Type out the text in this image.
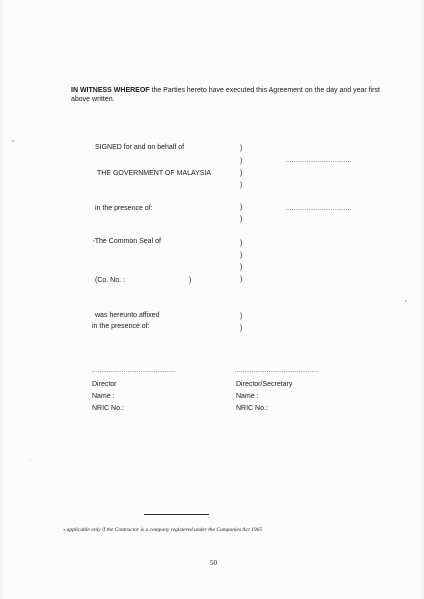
IN WITNESS WHEREOF the Parties hereto have executed this Agreement on the day and year first above written.

SIGNED for and on behalf of
THE GOVERNMENT OF MALAYSIA
in the presence of:
)
)
)
)
)
)
...................................
...................................
*The Common Seal of
(Co. No. :	)
)
)
)
)
was hereunto affixed
in the presence of:
)
)
.............................................	.............................................
Director
Name :
NRIC No.:
Director/Secretary
Name :
NRIC No.:
* applicable only if the Contractor is a company registered under the Companies Act 1965
50
